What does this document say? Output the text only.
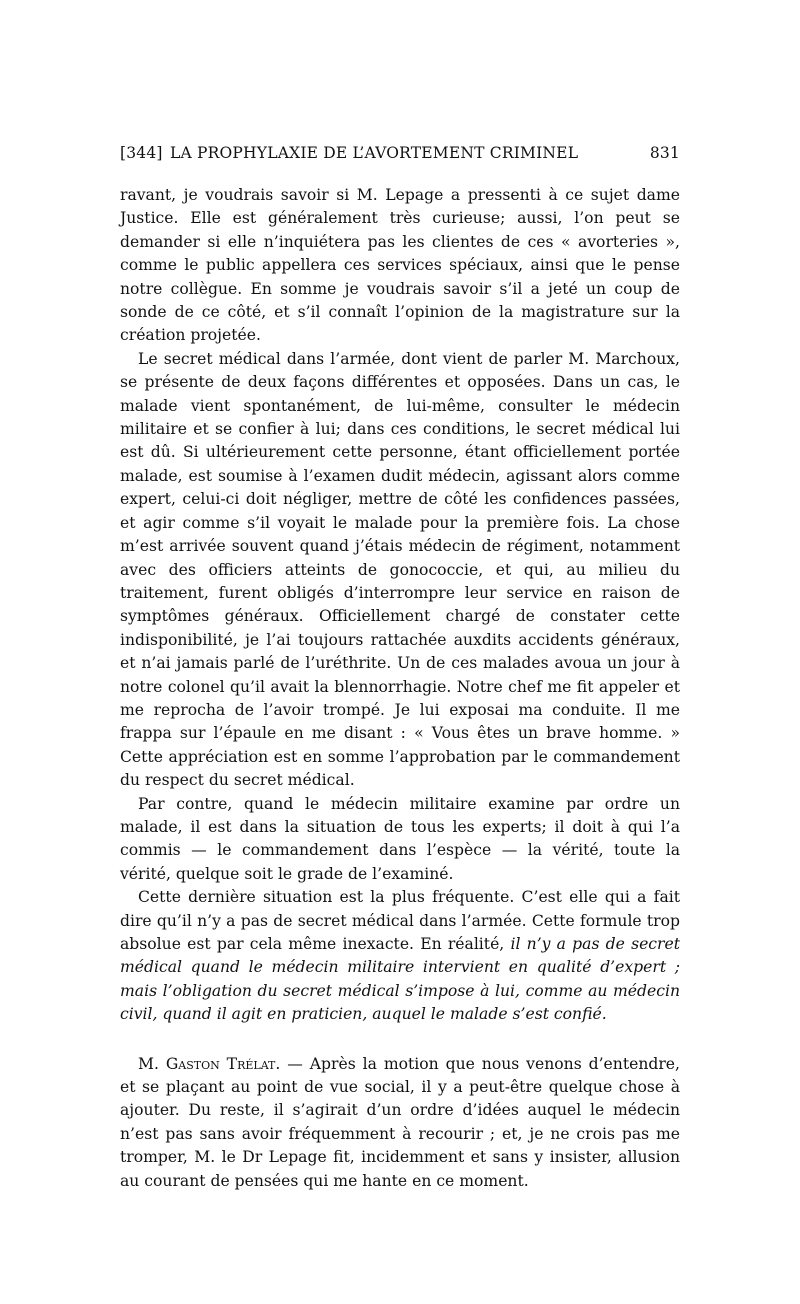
[344] LA PROPHYLAXIE DE L’AVORTEMENT CRIMINEL	831

ravant, je voudrais savoir si M. Lepage a pressenti à ce sujet dame Justice. Elle est généralement très curieuse; aussi, l’on peut se demander si elle n’inquiétera pas les clientes de ces « avorteries », comme le public appellera ces services spéciaux, ainsi que le pense notre collègue. En somme je voudrais savoir s’il a jeté un coup de sonde de ce côté, et s’il connaît l’opinion de la magistrature sur la création projetée.

Le secret médical dans l’armée, dont vient de parler M. Marchoux, se présente de deux façons différentes et opposées. Dans un cas, le malade vient spontanément, de lui-même, consulter le médecin militaire et se confier à lui; dans ces conditions, le secret médical lui est dû. Si ultérieurement cette personne, étant officiellement portée malade, est soumise à l’examen dudit médecin, agissant alors comme expert, celui-ci doit négliger, mettre de côté les confidences passées, et agir comme s’il voyait le malade pour la première fois. La chose m’est arrivée souvent quand j’étais médecin de régiment, notamment avec des officiers atteints de gonococcie, et qui, au milieu du traitement, furent obligés d’interrompre leur service en raison de symptômes généraux. Officiellement chargé de constater cette indisponibilité, je l’ai toujours rattachée auxdits accidents généraux, et n’ai jamais parlé de l’uréthrite. Un de ces malades avoua un jour à notre colonel qu’il avait la blennorrhagie. Notre chef me fit appeler et me reprocha de l’avoir trompé. Je lui exposai ma conduite. Il me frappa sur l’épaule en me disant : « Vous êtes un brave homme. » Cette appréciation est en somme l’approbation par le commandement du respect du secret médical.

Par contre, quand le médecin militaire examine par ordre un malade, il est dans la situation de tous les experts; il doit à qui l’a commis — le commandement dans l’espèce — la vérité, toute la vérité, quelque soit le grade de l’examiné.

Cette dernière situation est la plus fréquente. C’est elle qui a fait dire qu’il n’y a pas de secret médical dans l’armée. Cette formule trop absolue est par cela même inexacte. En réalité, il n’y a pas de secret médical quand le médecin militaire intervient en qualité d’expert ; mais l’obligation du secret médical s’impose à lui, comme au médecin civil, quand il agit en praticien, auquel le malade s’est confié.

M. Gaston Trélat. — Après la motion que nous venons d’entendre, et se plaçant au point de vue social, il y a peut-être quelque chose à ajouter. Du reste, il s’agirait d’un ordre d’idées auquel le médecin n’est pas sans avoir fréquemment à recourir ; et, je ne crois pas me tromper, M. le Dr Lepage fit, incidemment et sans y insister, allusion au courant de pensées qui me hante en ce moment.
